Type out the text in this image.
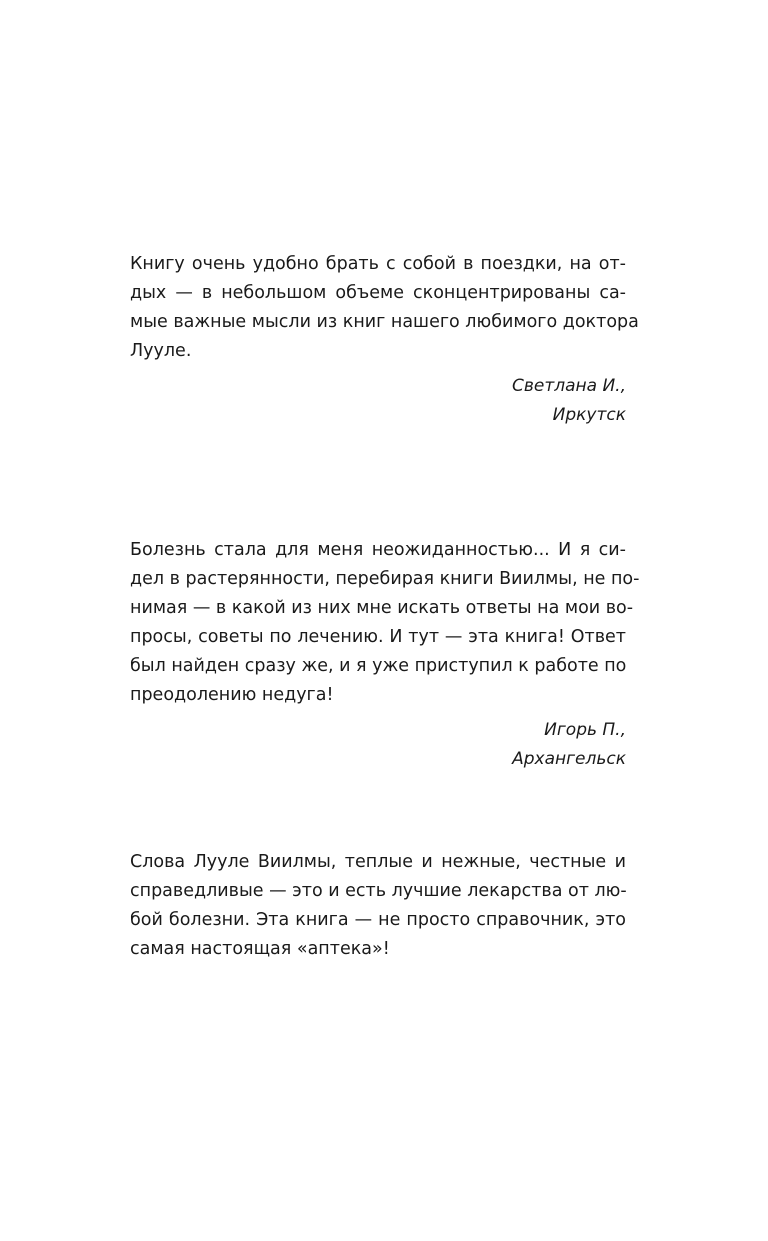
Книгу очень удобно брать с собой в поездки, на от-
дых — в небольшом объеме сконцентрированы са-
мые важные мысли из книг нашего любимого доктора
Лууле.

Светлана И.,
Иркутск

Болезнь стала для меня неожиданностью... И я си-
дел в растерянности, перебирая книги Виилмы, не по-
нимая — в какой из них мне искать ответы на мои во-
просы, советы по лечению. И тут — эта книга! Ответ
был найден сразу же, и я уже приступил к работе по
преодолению недуга!

Игорь П.,
Архангельск

Слова Лууле Виилмы, теплые и нежные, честные и
справедливые — это и есть лучшие лекарства от лю-
бой болезни. Эта книга — не просто справочник, это
самая настоящая «аптека»!
